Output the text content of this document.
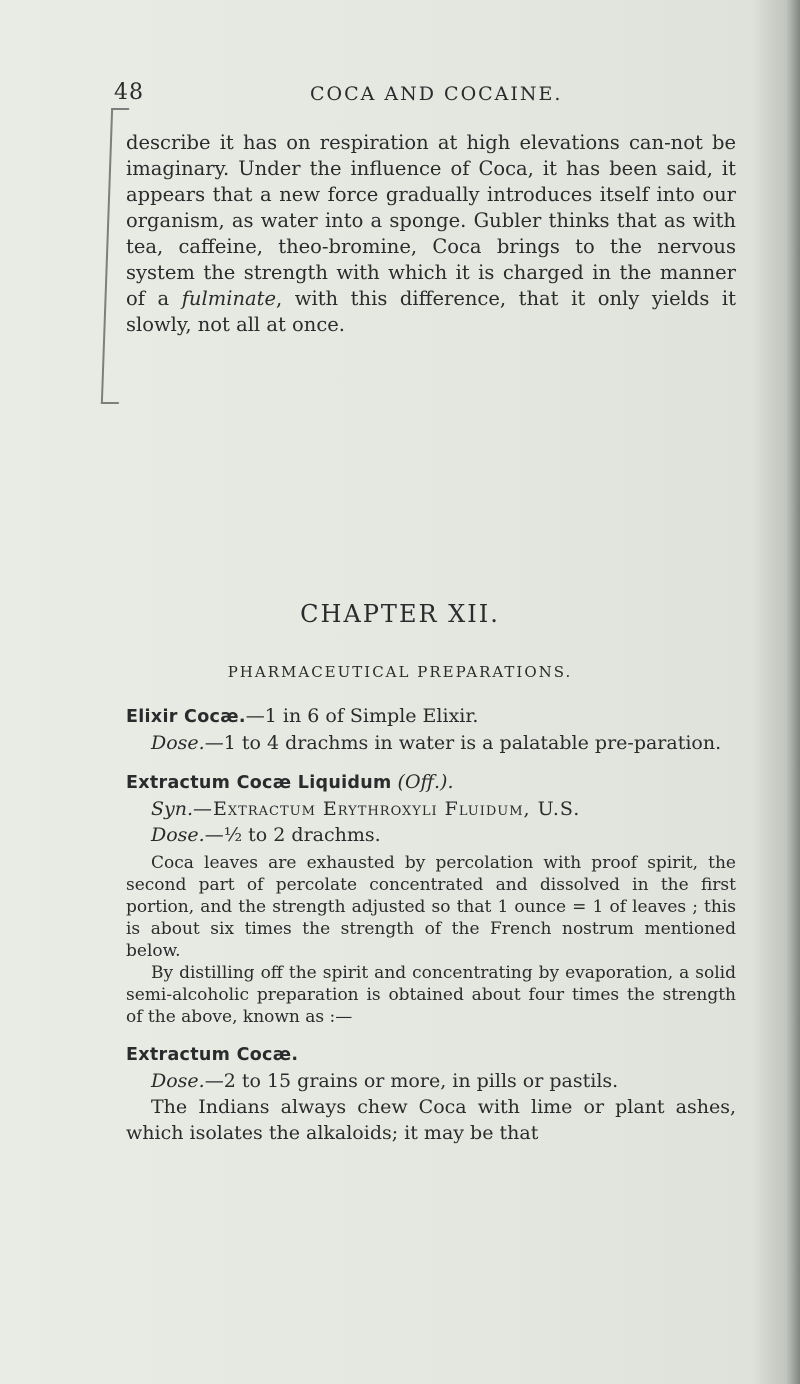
48	COCA AND COCAINE.

describe it has on respiration at high elevations can-not be imaginary. Under the influence of Coca, it has been said, it appears that a new force gradually introduces itself into our organism, as water into a sponge. Gubler thinks that as with tea, caffeine, theo-bromine, Coca brings to the nervous system the strength with which it is charged in the manner of a fulminate, with this difference, that it only yields it slowly, not all at once.

CHAPTER XII.
PHARMACEUTICAL PREPARATIONS.

Elixir Cocæ.—1 in 6 of Simple Elixir.

Dose.—1 to 4 drachms in water is a palatable pre-paration.

Extractum Cocæ Liquidum (Off.).

Syn.—Extractum Erythroxyli Fluidum, U.S.

Dose.—½ to 2 drachms.

Coca leaves are exhausted by percolation with proof spirit, the second part of percolate concentrated and dissolved in the first portion, and the strength adjusted so that 1 ounce = 1 of leaves ; this is about six times the strength of the French nostrum mentioned below.

By distilling off the spirit and concentrating by evaporation, a solid semi-alcoholic preparation is obtained about four times the strength of the above, known as :—

Extractum Cocæ.

Dose.—2 to 15 grains or more, in pills or pastils.

The Indians always chew Coca with lime or plant ashes, which isolates the alkaloids; it may be that
